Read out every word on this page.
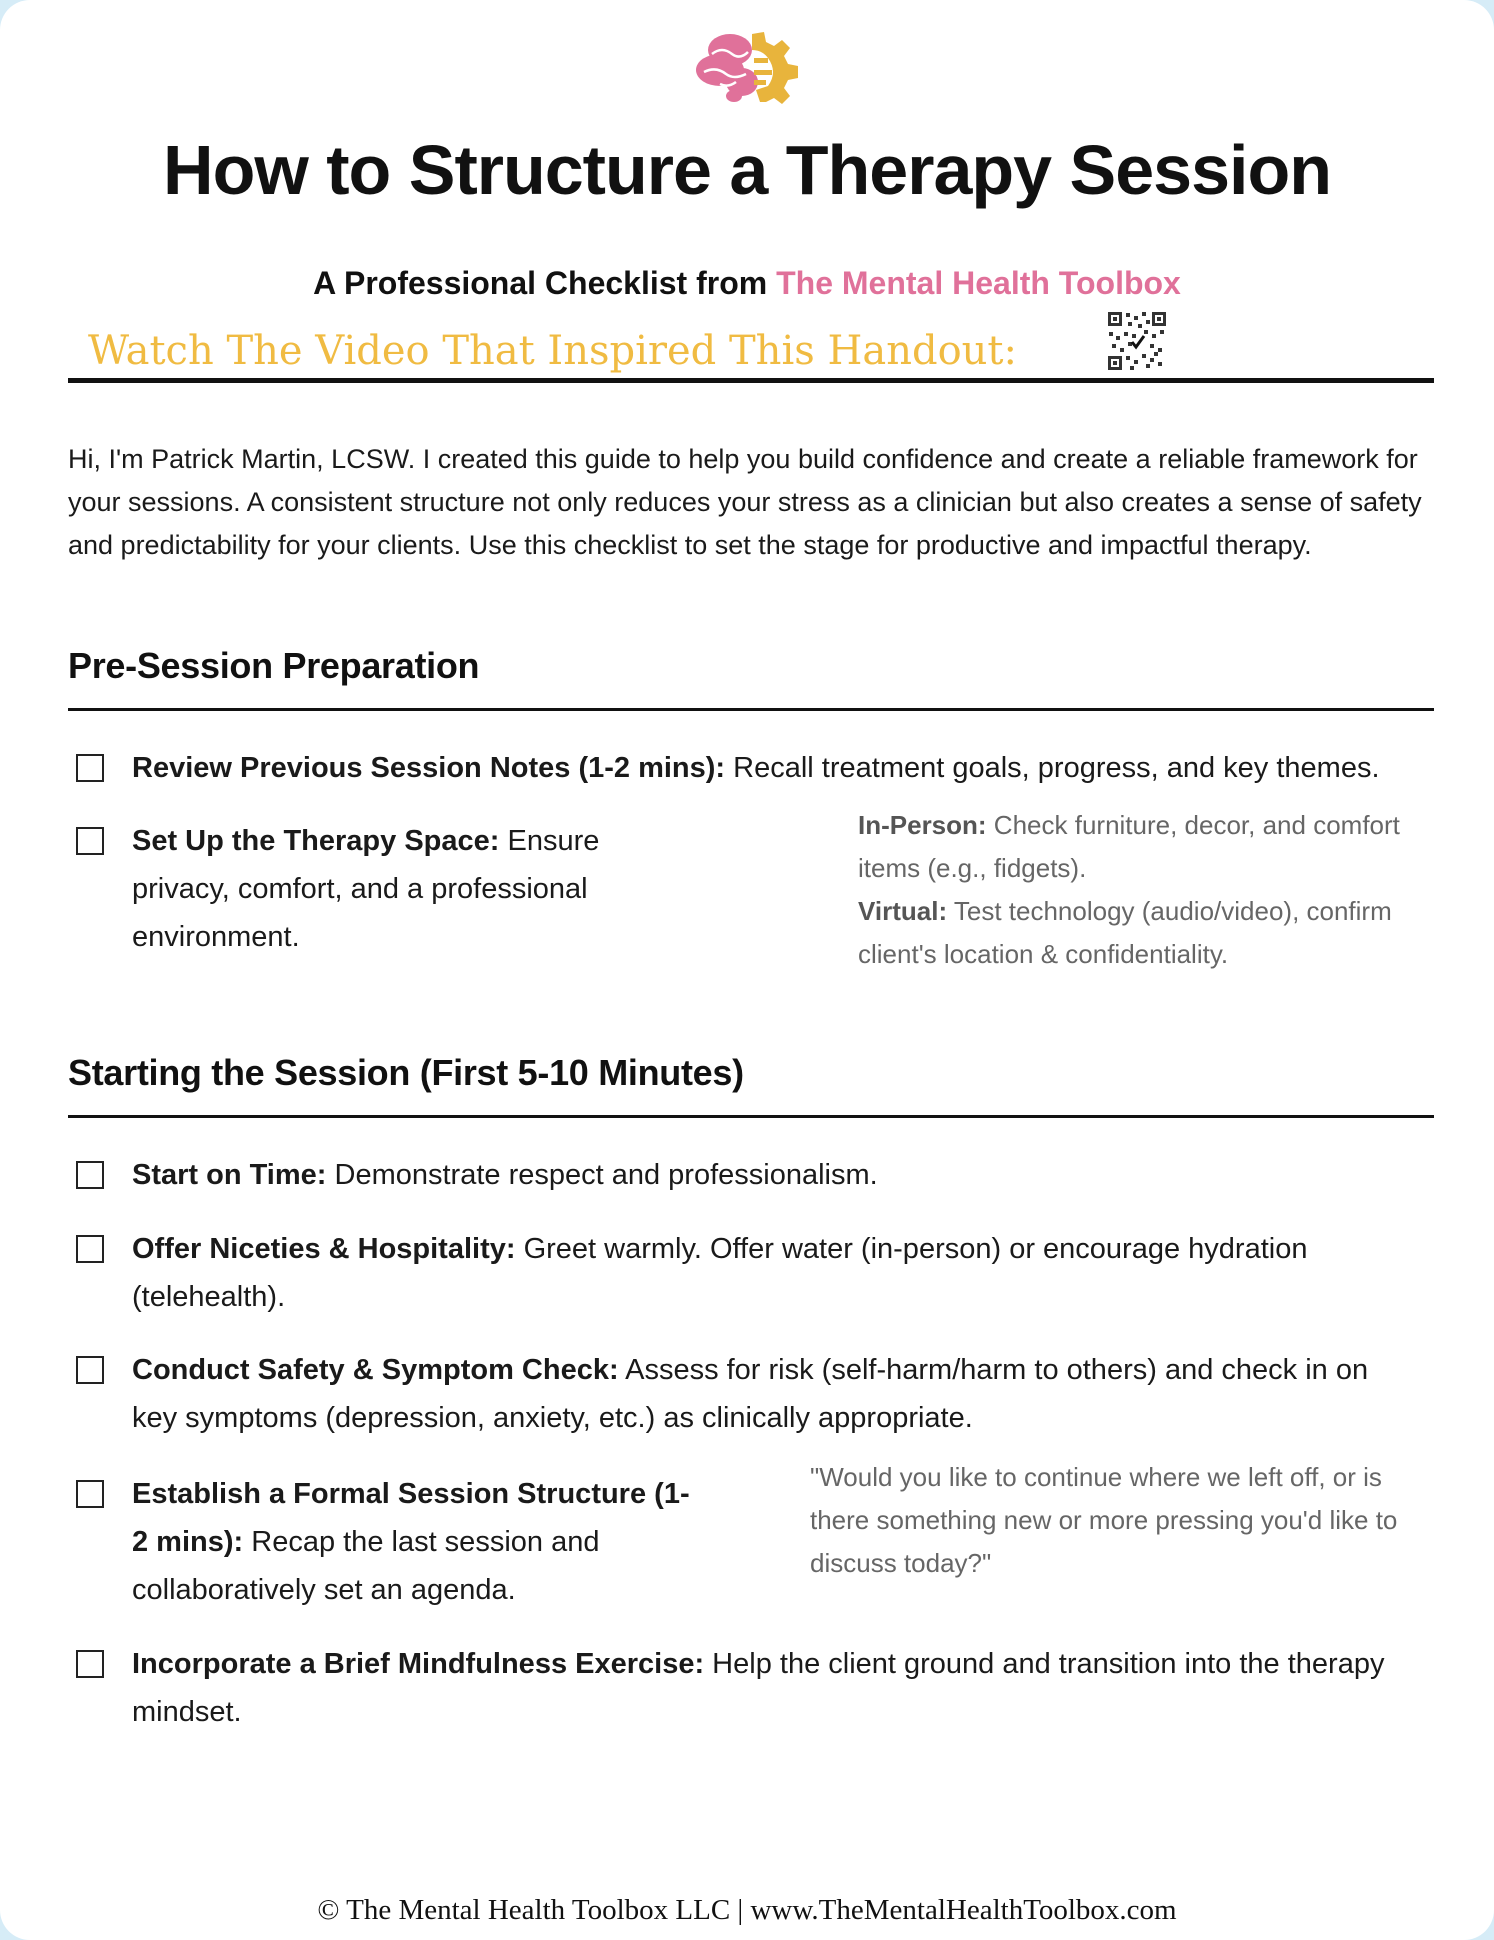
How to Structure a Therapy Session
A Professional Checklist from The Mental Health Toolbox
Watch The Video That Inspired This Handout:
Hi, I'm Patrick Martin, LCSW. I created this guide to help you build confidence and create a reliable framework for your sessions. A consistent structure not only reduces your stress as a clinician but also creates a sense of safety and predictability for your clients. Use this checklist to set the stage for productive and impactful therapy.
Pre-Session Preparation
Review Previous Session Notes (1-2 mins): Recall treatment goals, progress, and key themes.
Set Up the Therapy Space: Ensure privacy, comfort, and a professional environment.
In-Person: Check furniture, decor, and comfort items (e.g., fidgets).
Virtual: Test technology (audio/video), confirm client's location & confidentiality.
Starting the Session (First 5-10 Minutes)
Start on Time: Demonstrate respect and professionalism.
Offer Niceties & Hospitality: Greet warmly. Offer water (in-person) or encourage hydration (telehealth).
Conduct Safety & Symptom Check: Assess for risk (self-harm/harm to others) and check in on key symptoms (depression, anxiety, etc.) as clinically appropriate.
Establish a Formal Session Structure (1-2 mins): Recap the last session and collaboratively set an agenda.
"Would you like to continue where we left off, or is there something new or more pressing you'd like to discuss today?"
Incorporate a Brief Mindfulness Exercise: Help the client ground and transition into the therapy mindset.
© The Mental Health Toolbox LLC | www.TheMentalHealthToolbox.com
